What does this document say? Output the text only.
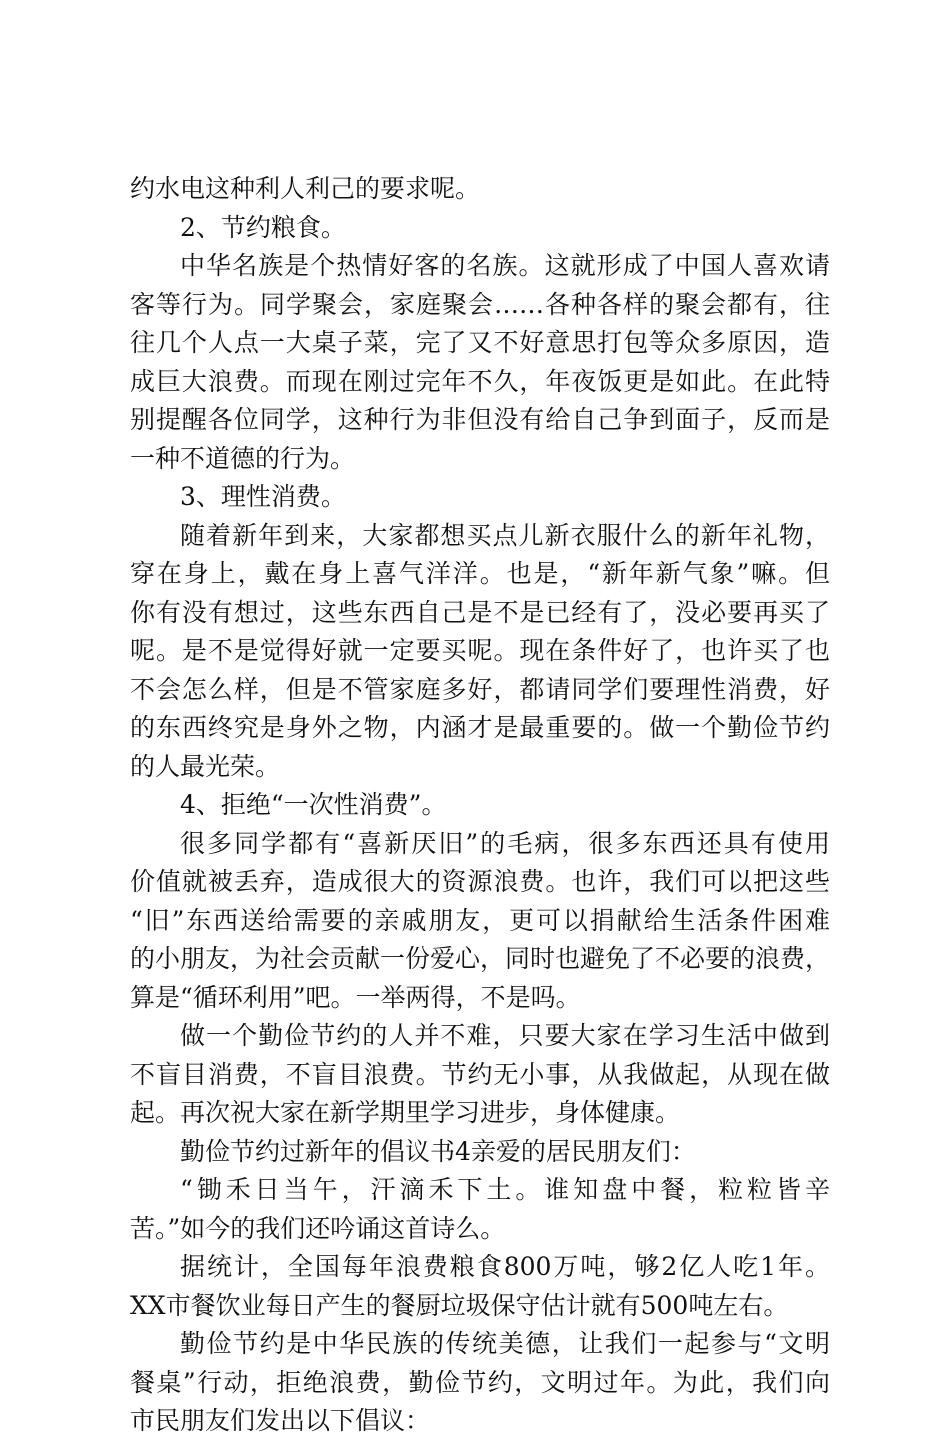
约水电这种利人利己的要求呢。
2、节约粮食。
中华名族是个热情好客的名族。这就形成了中国人喜欢请
客等行为。同学聚会，家庭聚会……各种各样的聚会都有，往
往几个人点一大桌子菜，完了又不好意思打包等众多原因，造
成巨大浪费。而现在刚过完年不久，年夜饭更是如此。在此特
别提醒各位同学，这种行为非但没有给自己争到面子，反而是
一种不道德的行为。
3、理性消费。
随着新年到来，大家都想买点儿新衣服什么的新年礼物，
穿在身上，戴在身上喜气洋洋。也是，“新年新气象”嘛。但
你有没有想过，这些东西自己是不是已经有了，没必要再买了
呢。是不是觉得好就一定要买呢。现在条件好了，也许买了也
不会怎么样，但是不管家庭多好，都请同学们要理性消费，好
的东西终究是身外之物，内涵才是最重要的。做一个勤俭节约
的人最光荣。
4、拒绝“一次性消费”。
很多同学都有“喜新厌旧”的毛病，很多东西还具有使用
价值就被丢弃，造成很大的资源浪费。也许，我们可以把这些
“旧”东西送给需要的亲戚朋友，更可以捐献给生活条件困难
的小朋友，为社会贡献一份爱心，同时也避免了不必要的浪费，
算是“循环利用”吧。一举两得，不是吗。
做一个勤俭节约的人并不难，只要大家在学习生活中做到
不盲目消费，不盲目浪费。节约无小事，从我做起，从现在做
起。再次祝大家在新学期里学习进步，身体健康。
勤俭节约过新年的倡议书4亲爱的居民朋友们：
“锄禾日当午，汗滴禾下土。谁知盘中餐，粒粒皆辛
苦。”如今的我们还吟诵这首诗么。
据统计，全国每年浪费粮食800万吨，够2亿人吃1年。
XX市餐饮业每日产生的餐厨垃圾保守估计就有500吨左右。
勤俭节约是中华民族的传统美德，让我们一起参与“文明
餐桌”行动，拒绝浪费，勤俭节约，文明过年。为此，我们向
市民朋友们发出以下倡议：
